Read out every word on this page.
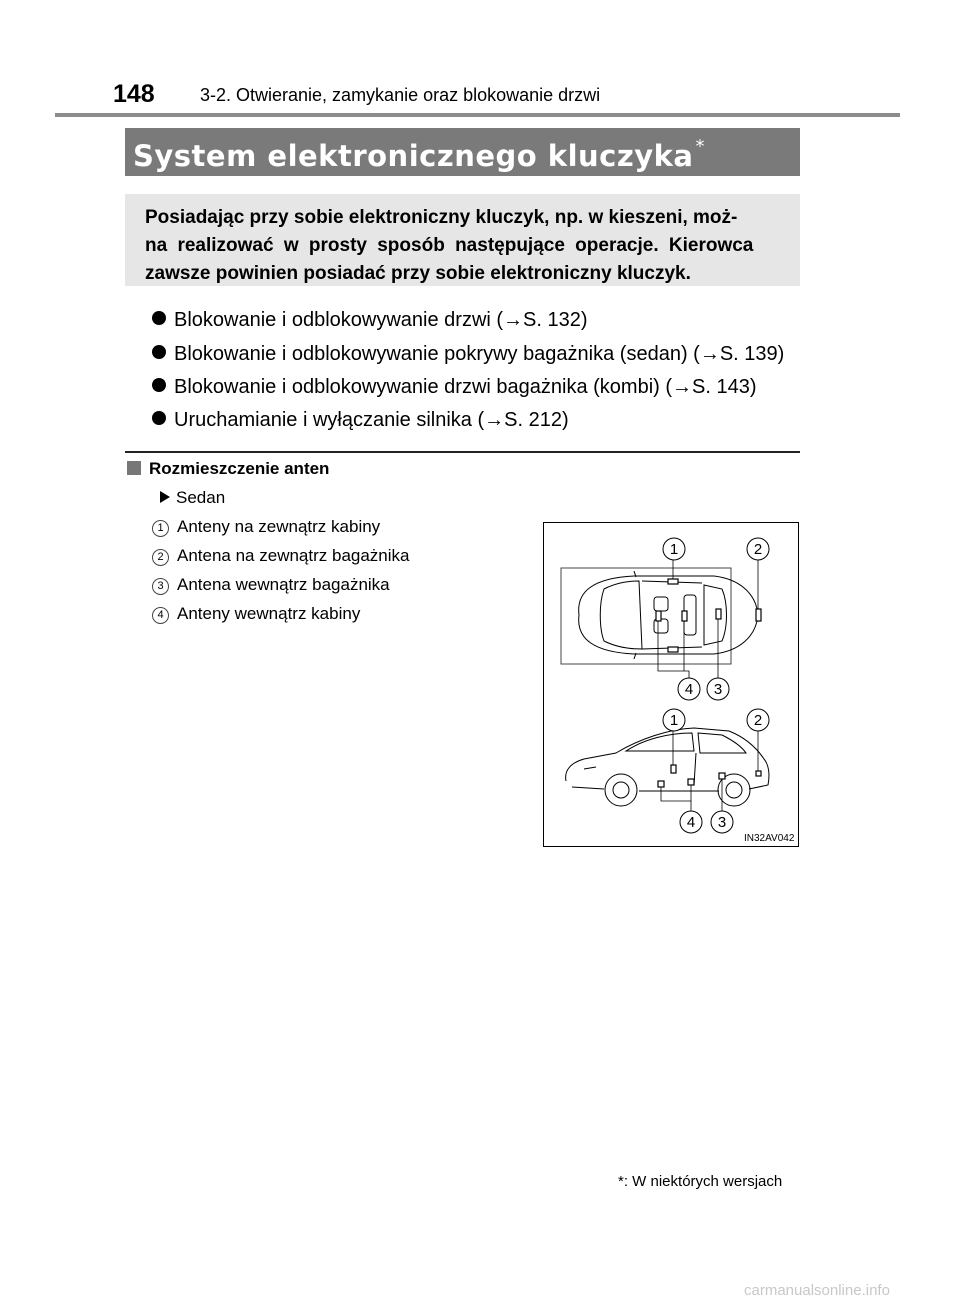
148	3-2. Otwieranie, zamykanie oraz blokowanie drzwi
System elektronicznego kluczyka *
Posiadając przy sobie elektroniczny kluczyk, np. w kieszeni, moż-
na realizować w prosty sposób następujące operacje. Kierowca
zawsze powinien posiadać przy sobie elektroniczny kluczyk.
Blokowanie i odblokowywanie drzwi (→S. 132)
Blokowanie i odblokowywanie pokrywy bagażnika (sedan) (→S. 139)
Blokowanie i odblokowywanie drzwi bagażnika (kombi) (→S. 143)
Uruchamianie i wyłączanie silnika (→S. 212)
Rozmieszczenie anten
Sedan
1 Anteny na zewnątrz kabiny
2 Antena na zewnątrz bagażnika
3 Antena wewnątrz bagażnika
4 Anteny wewnątrz kabiny
1	2
4 3
1	2
4 3
IN32AV042
*: W niektórych wersjach
carmanualsonline.info
